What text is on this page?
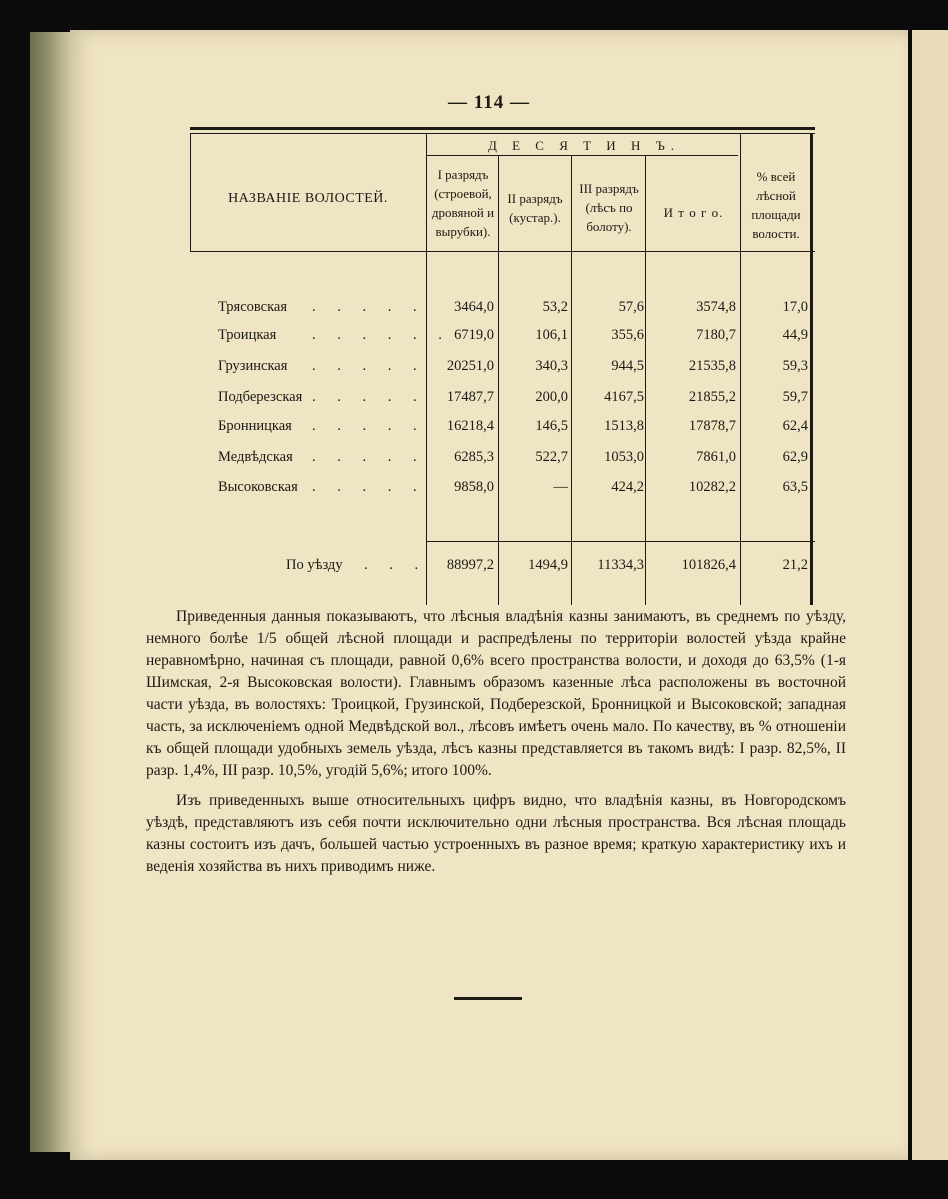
— 114 —
НАЗВАНІЕ ВОЛОСТЕЙ.
Д Е С Я Т И Н Ъ.
I разрядъ (строевой, дровяной и вырубки).
II разрядъ (кустар.).
III разрядъ (лѣсъ по болоту).
И т о г о.
% всей лѣсной площади волости.
Трясовская . . . . .	3464,0	53,2	57,6	3574,8	17,0
Троицкая . . . . . . 6719,0	106,1	355,6	7180,7	44,9
Грузинская . . . . .	20251,0	340,3	944,5	21535,8	59,3
Подберезская . . . . .	17487,7	200,0	4167,5	21855,2	59,7
Бронницкая . . . . .	16218,4	146,5	1513,8	17878,7	62,4
Медвѣдская . . . . .	6285,3	522,7	1053,0	7861,0	62,9
Высоковская . . . . .	9858,0	—	424,2	10282,2	63,5
По уѣзду . . .	88997,2	1494,9	11334,3	101826,4	21,2

Приведенныя данныя показываютъ, что лѣсныя владѣнія казны занимаютъ, въ среднемъ по уѣзду, немного болѣе 1/5 общей лѣсной площади и распредѣлены по территоріи волостей уѣзда крайне неравномѣрно, начиная съ площади, равной 0,6% всего пространства волости, и доходя до 63,5% (1-я Шимская, 2-я Высоковская волости). Главнымъ образомъ казенные лѣса расположены въ восточной части уѣзда, въ волостяхъ: Троицкой, Грузинской, Подберезской, Бронницкой и Высоковской; западная часть, за исключеніемъ одной Медвѣдской вол., лѣсовъ имѣетъ очень мало. По качеству, въ % отношеніи къ общей площади удобныхъ земель уѣзда, лѣсъ казны представляется въ такомъ видѣ: I разр. 82,5%, II разр. 1,4%, III разр. 10,5%, угодій 5,6%; итого 100%.

Изъ приведенныхъ выше относительныхъ цифръ видно, что владѣнія казны, въ Новгородскомъ уѣздѣ, представляютъ изъ себя почти исключительно одни лѣсныя пространства. Вся лѣсная площадь казны состоитъ изъ дачъ, большей частью устроенныхъ въ разное время; краткую характеристику ихъ и веденія хозяйства въ нихъ приводимъ ниже.
